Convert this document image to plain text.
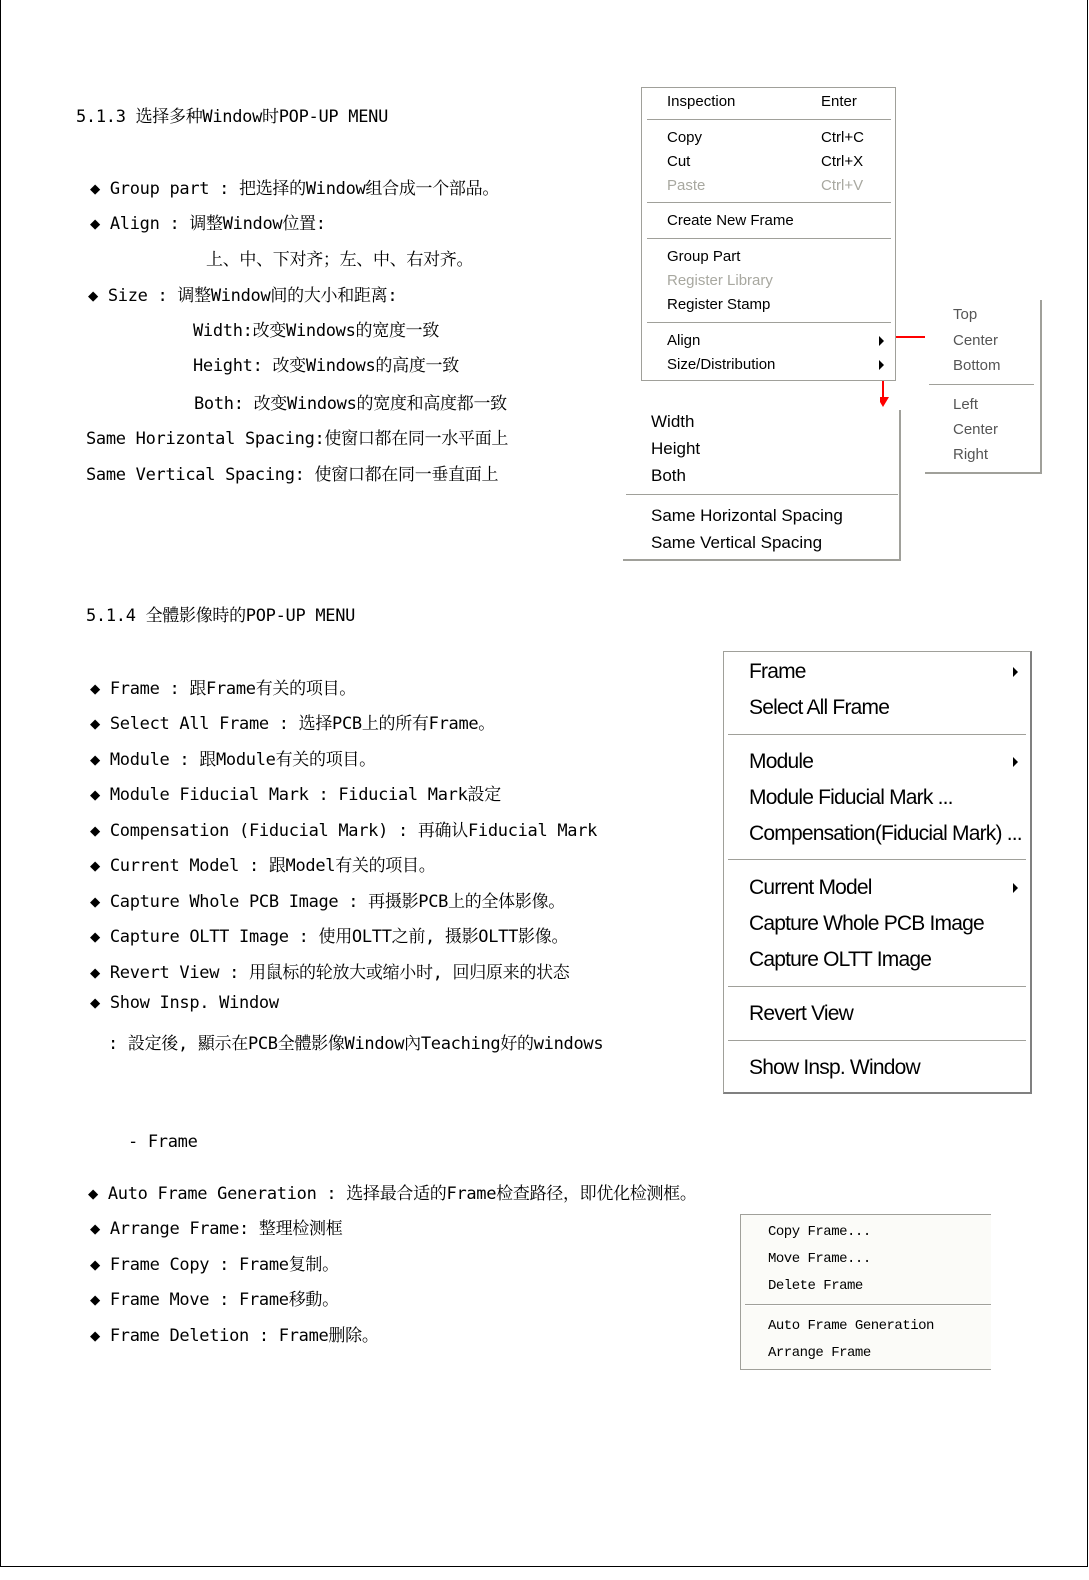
5.1.3 选择多种Window时POP-UP MENU
◆ Group part : 把选择的Window组合成一个部品。
◆ Align : 调整Window位置:
上、中、下对齐；左、中、右对齐。
◆ Size : 调整Window间的大小和距离:
Width:改变Windows的宽度一致
Height: 改变Windows的高度一致
Both: 改变Windows的宽度和高度都一致
Same Horizontal Spacing:使窗口都在同一水平面上
Same Vertical Spacing: 使窗口都在同一垂直面上
Inspection	Enter
Copy	Ctrl+C
Cut	Ctrl+X
Paste	Ctrl+V
Create New Frame
Group Part
Register Library
Register Stamp
Align
Size/Distribution
Top
Center
Bottom
Left
Center
Right
Width
Height
Both
Same Horizontal Spacing
Same Vertical Spacing
5.1.4 全體影像時的POP-UP MENU
◆ Frame : 跟Frame有关的项目。
◆ Select All Frame : 选择PCB上的所有Frame。
◆ Module : 跟Module有关的项目。
◆ Module Fiducial Mark : Fiducial Mark設定
◆ Compensation (Fiducial Mark) : 再确认Fiducial Mark
◆ Current Model : 跟Model有关的项目。
◆ Capture Whole PCB Image : 再摄影PCB上的全体影像。
◆ Capture OLTT Image : 使用OLTT之前, 摄影OLTT影像。
◆ Revert View : 用鼠标的轮放大或缩小时, 回归原来的状态
◆ Show Insp. Window
: 設定後, 顯示在PCB全體影像Window內Teaching好的windows
Frame
Select All Frame
Module
Module Fiducial Mark ...
Compensation(Fiducial Mark) ...
Current Model
Capture Whole PCB Image
Capture OLTT Image
Revert View
Show Insp. Window
- Frame
◆ Auto Frame Generation : 选择最合适的Frame检查路径，即优化检测框。
◆ Arrange Frame: 整理检测框
◆ Frame Copy : Frame复制。
◆ Frame Move : Frame移動。
◆ Frame Deletion : Frame删除。
Copy Frame...
Move Frame...
Delete Frame
Auto Frame Generation
Arrange Frame
